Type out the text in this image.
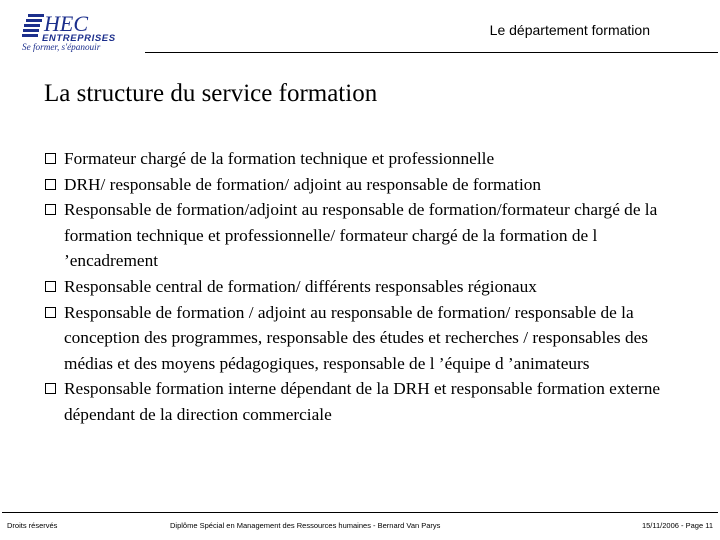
HEC
ENTREPRISES
Se former, s'épanouir
Le département formation
La structure du service formation
Formateur chargé de la formation technique et professionnelle
DRH/ responsable de formation/ adjoint au responsable de formation
Responsable de formation/adjoint au responsable de formation/formateur chargé de la formation technique et professionnelle/ formateur chargé de la formation de l ’encadrement
Responsable central de formation/ différents responsables régionaux
Responsable de formation / adjoint au responsable de formation/ responsable de la conception des programmes, responsable des études et recherches / responsables des médias et des moyens pédagogiques, responsable de l ’équipe d ’animateurs
Responsable formation interne dépendant de la DRH et responsable formation externe dépendant de la direction commerciale
Droits réservés	Diplôme Spécial en Management des Ressources humaines - Bernard Van Parys	15/11/2006 - Page 11
